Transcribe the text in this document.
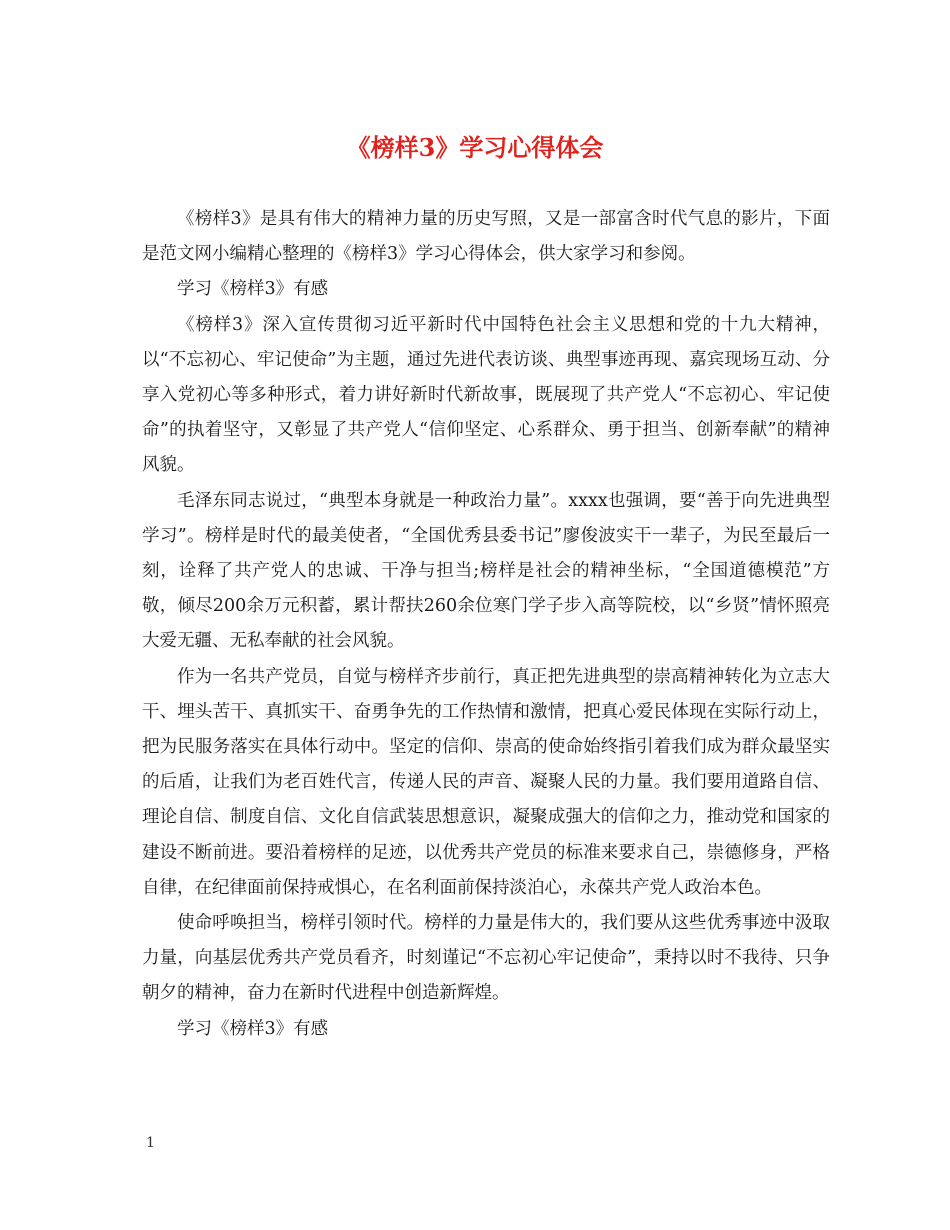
《榜样3》学习心得体会

《榜样3》是具有伟大的精神力量的历史写照，又是一部富含时代气息的影片，下面是范文网小编精心整理的《榜样3》学习心得体会，供大家学习和参阅。

学习《榜样3》有感

《榜样3》深入宣传贯彻习近平新时代中国特色社会主义思想和党的十九大精神，以“不忘初心、牢记使命”为主题，通过先进代表访谈、典型事迹再现、嘉宾现场互动、分享入党初心等多种形式，着力讲好新时代新故事，既展现了共产党人“不忘初心、牢记使命”的执着坚守，又彰显了共产党人“信仰坚定、心系群众、勇于担当、创新奉献”的精神风貌。

毛泽东同志说过，“典型本身就是一种政治力量”。xxxx也强调，要“善于向先进典型学习”。榜样是时代的最美使者，“全国优秀县委书记”廖俊波实干一辈子，为民至最后一刻，诠释了共产党人的忠诚、干净与担当;榜样是社会的精神坐标，“全国道德模范”方敬，倾尽200余万元积蓄，累计帮扶260余位寒门学子步入高等院校，以“乡贤”情怀照亮大爱无疆、无私奉献的社会风貌。

作为一名共产党员，自觉与榜样齐步前行，真正把先进典型的崇高精神转化为立志大干、埋头苦干、真抓实干、奋勇争先的工作热情和激情，把真心爱民体现在实际行动上，把为民服务落实在具体行动中。坚定的信仰、崇高的使命始终指引着我们成为群众最坚实的后盾，让我们为老百姓代言，传递人民的声音、凝聚人民的力量。我们要用道路自信、理论自信、制度自信、文化自信武装思想意识，凝聚成强大的信仰之力，推动党和国家的建设不断前进。要沿着榜样的足迹，以优秀共产党员的标准来要求自己，崇德修身，严格自律，在纪律面前保持戒惧心，在名利面前保持淡泊心，永葆共产党人政治本色。

使命呼唤担当，榜样引领时代。榜样的力量是伟大的，我们要从这些优秀事迹中汲取力量，向基层优秀共产党员看齐，时刻谨记“不忘初心牢记使命”，秉持以时不我待、只争朝夕的精神，奋力在新时代进程中创造新辉煌。

学习《榜样3》有感

1
